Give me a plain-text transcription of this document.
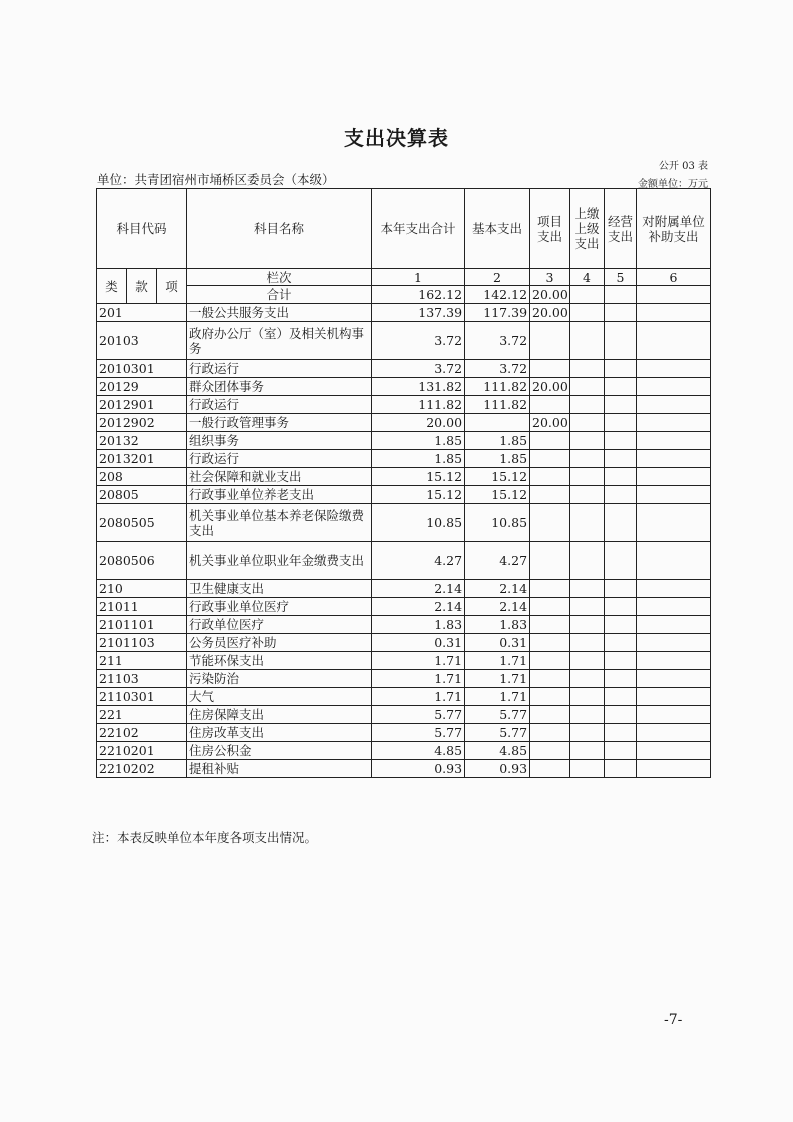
支出决算表
公开 03 表
单位：共青团宿州市埇桥区委员会（本级）	金额单位：万元
科目代码			科目名称	本年支出合计	基本支出	项目支出	上缴上级支出	经营支出	对附属单位补助支出
类	款	项	栏次	1	2	3	4	5	6
			合计	162.12	142.12	20.00			
201			一般公共服务支出	137.39	117.39	20.00			
20103			政府办公厅（室）及相关机构事务	3.72	3.72				
2010301			行政运行	3.72	3.72				
20129			群众团体事务	131.82	111.82	20.00			
2012901			行政运行	111.82	111.82				
2012902			一般行政管理事务	20.00		20.00			
20132			组织事务	1.85	1.85				
2013201			行政运行	1.85	1.85				
208			社会保障和就业支出	15.12	15.12				
20805			行政事业单位养老支出	15.12	15.12				
2080505			机关事业单位基本养老保险缴费支出	10.85	10.85				
2080506			机关事业单位职业年金缴费支出	4.27	4.27				
210			卫生健康支出	2.14	2.14				
21011			行政事业单位医疗	2.14	2.14				
2101101			行政单位医疗	1.83	1.83				
2101103			公务员医疗补助	0.31	0.31				
211			节能环保支出	1.71	1.71				
21103			污染防治	1.71	1.71				
2110301			大气	1.71	1.71				
221			住房保障支出	5.77	5.77				
22102			住房改革支出	5.77	5.77				
2210201			住房公积金	4.85	4.85				
2210202			提租补贴	0.93	0.93				
注：本表反映单位本年度各项支出情况。
-7-
